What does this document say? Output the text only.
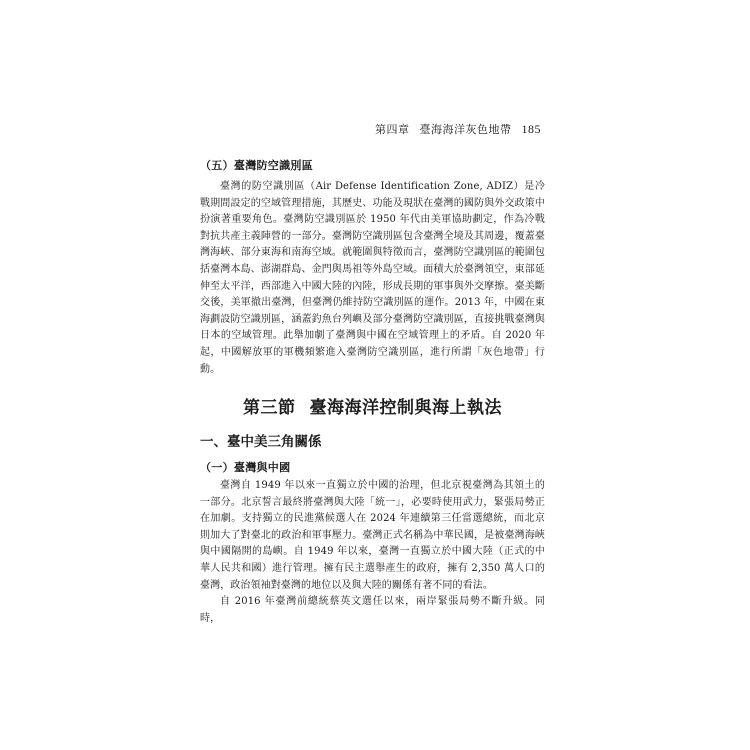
第四章 臺海海洋灰色地帶 185
（五）臺灣防空識別區

臺灣的防空識別區（Air Defense Identification Zone, ADIZ）是冷戰期間設定的空域管理措施，其歷史、功能及現狀在臺灣的國防與外交政策中扮演著重要角色。臺灣防空識別區於 1950 年代由美軍協助劃定，作為冷戰對抗共產主義陣營的一部分。臺灣防空識別區包含臺灣全境及其周邊，覆蓋臺灣海峽、部分東海和南海空域。就範圍與特徵而言，臺灣防空識別區的範圍包括臺灣本島、澎湖群島、金門與馬祖等外島空域。面積大於臺灣領空，東部延伸至太平洋，西部進入中國大陸的內陸，形成長期的軍事與外交摩擦。臺美斷交後，美軍撤出臺灣，但臺灣仍維持防空識別區的運作。2013 年，中國在東海劃設防空識別區，涵蓋釣魚台列嶼及部分臺灣防空識別區，直接挑戰臺灣與日本的空域管理。此舉加劇了臺灣與中國在空域管理上的矛盾。自 2020 年起，中國解放軍的軍機頻繁進入臺灣防空識別區，進行所謂「灰色地帶」行動。

第三節 臺海海洋控制與海上執法
一、臺中美三角關係
（一）臺灣與中國

臺灣自 1949 年以來一直獨立於中國的治理，但北京視臺灣為其領土的一部分。北京誓言最終將臺灣與大陸「統一」，必要時使用武力，緊張局勢正在加劇。支持獨立的民進黨候選人在 2024 年連續第三任當選總統，而北京則加大了對臺北的政治和軍事壓力。臺灣正式名稱為中華民國，是被臺灣海峽與中國隔開的島嶼。自 1949 年以來，臺灣一直獨立於中國大陸（正式的中華人民共和國）進行管理。擁有民主選舉產生的政府，擁有 2,350 萬人口的臺灣，政治領袖對臺灣的地位以及與大陸的關係有著不同的看法。

自 2016 年臺灣前總統蔡英文選任以來，兩岸緊張局勢不斷升級。同時，
